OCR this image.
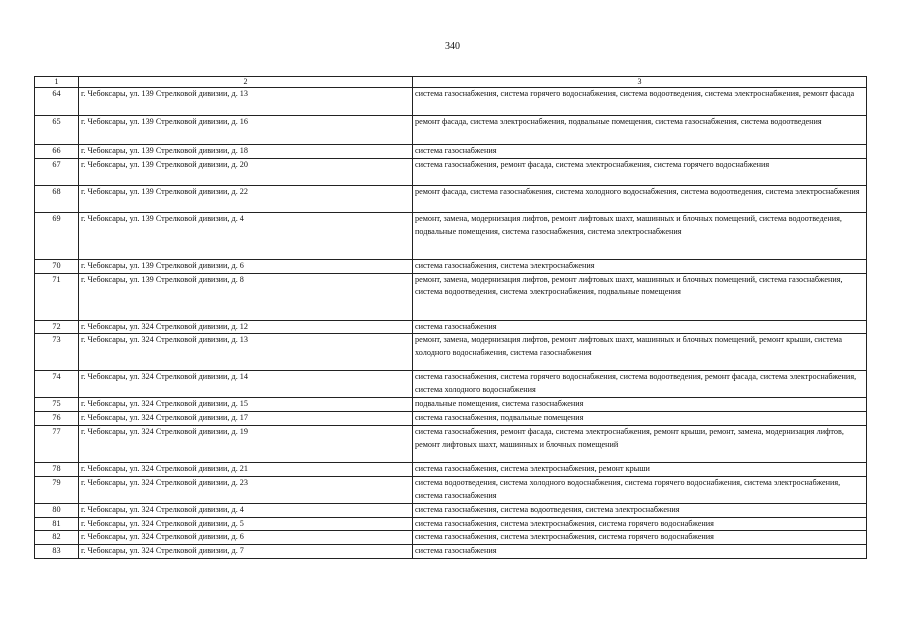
340
1	2	3
64	г. Чебоксары, ул. 139 Стрелковой дивизии, д. 13	система газоснабжения, система горячего водоснабжения, система водоотведения, система электроснабжения, ремонт фасада
65	г. Чебоксары, ул. 139 Стрелковой дивизии, д. 16	ремонт фасада, система электроснабжения, подвальные помещения, система газоснабжения, система водоотведения
66	г. Чебоксары, ул. 139 Стрелковой дивизии, д. 18	система газоснабжения
67	г. Чебоксары, ул. 139 Стрелковой дивизии, д. 20	система газоснабжения, ремонт фасада, система электроснабжения, система горячего водоснабжения
68	г. Чебоксары, ул. 139 Стрелковой дивизии, д. 22	ремонт фасада, система газоснабжения, система холодного водоснабжения, система водоотведения, система электроснабжения
69	г. Чебоксары, ул. 139 Стрелковой дивизии, д. 4	ремонт, замена, модернизация лифтов, ремонт лифтовых шахт, машинных и блочных помещений, система водоотведения, подвальные помещения, система газоснабжения, система электроснабжения
70	г. Чебоксары, ул. 139 Стрелковой дивизии, д. 6	система газоснабжения, система электроснабжения
71	г. Чебоксары, ул. 139 Стрелковой дивизии, д. 8	ремонт, замена, модернизация лифтов, ремонт лифтовых шахт, машинных и блочных помещений, система газоснабжения, система водоотведения, система электроснабжения, подвальные помещения
72	г. Чебоксары, ул. 324 Стрелковой дивизии, д. 12	система газоснабжения
73	г. Чебоксары, ул. 324 Стрелковой дивизии, д. 13	ремонт, замена, модернизация лифтов, ремонт лифтовых шахт, машинных и блочных помещений, ремонт крыши, система холодного водоснабжения, система газоснабжения
74	г. Чебоксары, ул. 324 Стрелковой дивизии, д. 14	система газоснабжения, система горячего водоснабжения, система водоотведения, ремонт фасада, система электроснабжения, система холодного водоснабжения
75	г. Чебоксары, ул. 324 Стрелковой дивизии, д. 15	подвальные помещения, система газоснабжения
76	г. Чебоксары, ул. 324 Стрелковой дивизии, д. 17	система газоснабжения, подвальные помещения
77	г. Чебоксары, ул. 324 Стрелковой дивизии, д. 19	система газоснабжения, ремонт фасада, система электроснабжения, ремонт крыши, ремонт, замена, модернизация лифтов, ремонт лифтовых шахт, машинных и блочных помещений
78	г. Чебоксары, ул. 324 Стрелковой дивизии, д. 21	система газоснабжения, система электроснабжения, ремонт крыши
79	г. Чебоксары, ул. 324 Стрелковой дивизии, д. 23	система водоотведения, система холодного водоснабжения, система горячего водоснабжения, система электроснабжения, система газоснабжения
80	г. Чебоксары, ул. 324 Стрелковой дивизии, д. 4	система газоснабжения, система водоотведения, система электроснабжения
81	г. Чебоксары, ул. 324 Стрелковой дивизии, д. 5	система газоснабжения, система электроснабжения, система горячего водоснабжения
82	г. Чебоксары, ул. 324 Стрелковой дивизии, д. 6	система газоснабжения, система электроснабжения, система горячего водоснабжения
83	г. Чебоксары, ул. 324 Стрелковой дивизии, д. 7	система газоснабжения
